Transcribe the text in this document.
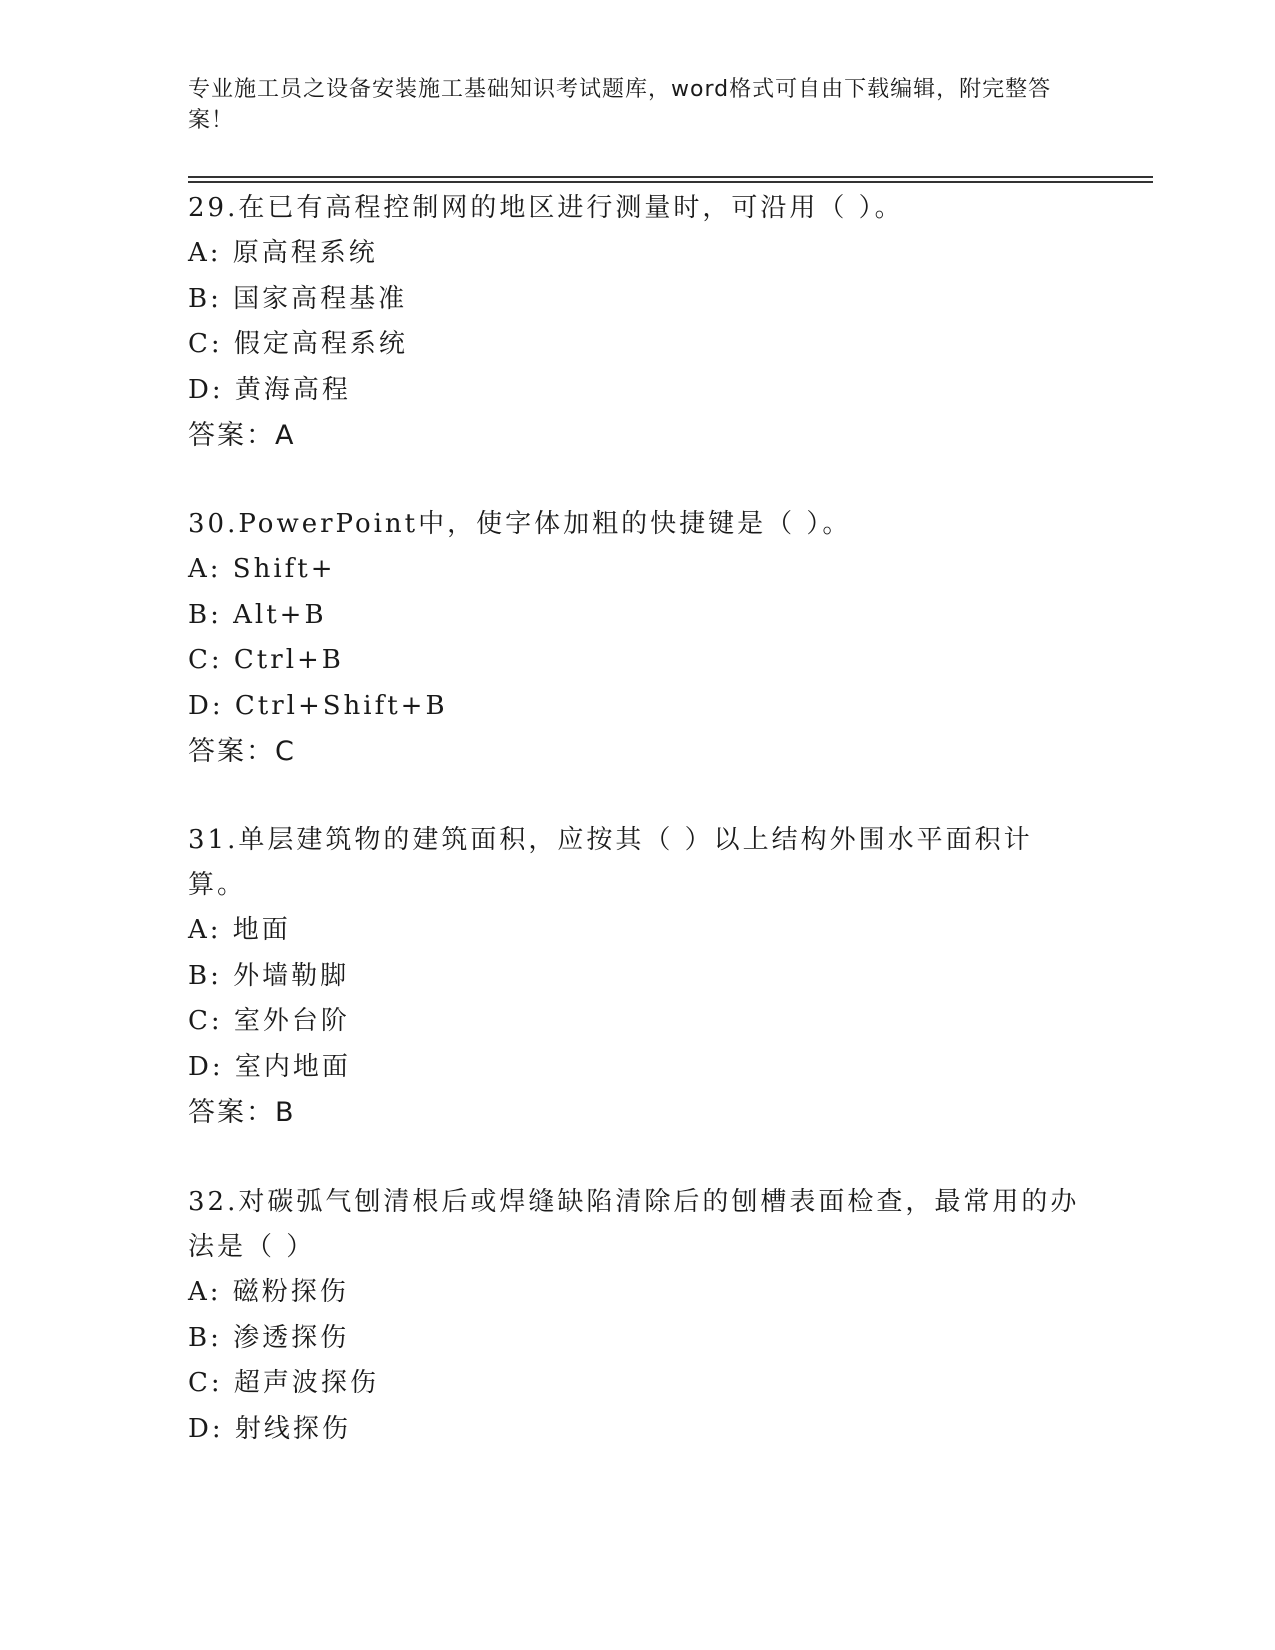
专业施工员之设备安装施工基础知识考试题库，word格式可自由下载编辑，附完整答案！
29.在已有高程控制网的地区进行测量时，可沿用（ ）。
A: 原高程系统
B: 国家高程基准
C: 假定高程系统
D: 黄海高程
答案：A
30.PowerPoint中，使字体加粗的快捷键是（ ）。
A: Shift+
B: Alt+B
C: Ctrl+B
D: Ctrl+Shift+B
答案：C
31.单层建筑物的建筑面积，应按其（ ）以上结构外围水平面积计算。
A: 地面
B: 外墙勒脚
C: 室外台阶
D: 室内地面
答案：B
32.对碳弧气刨清根后或焊缝缺陷清除后的刨槽表面检查，最常用的办法是（ ）
A: 磁粉探伤
B: 渗透探伤
C: 超声波探伤
D: 射线探伤
